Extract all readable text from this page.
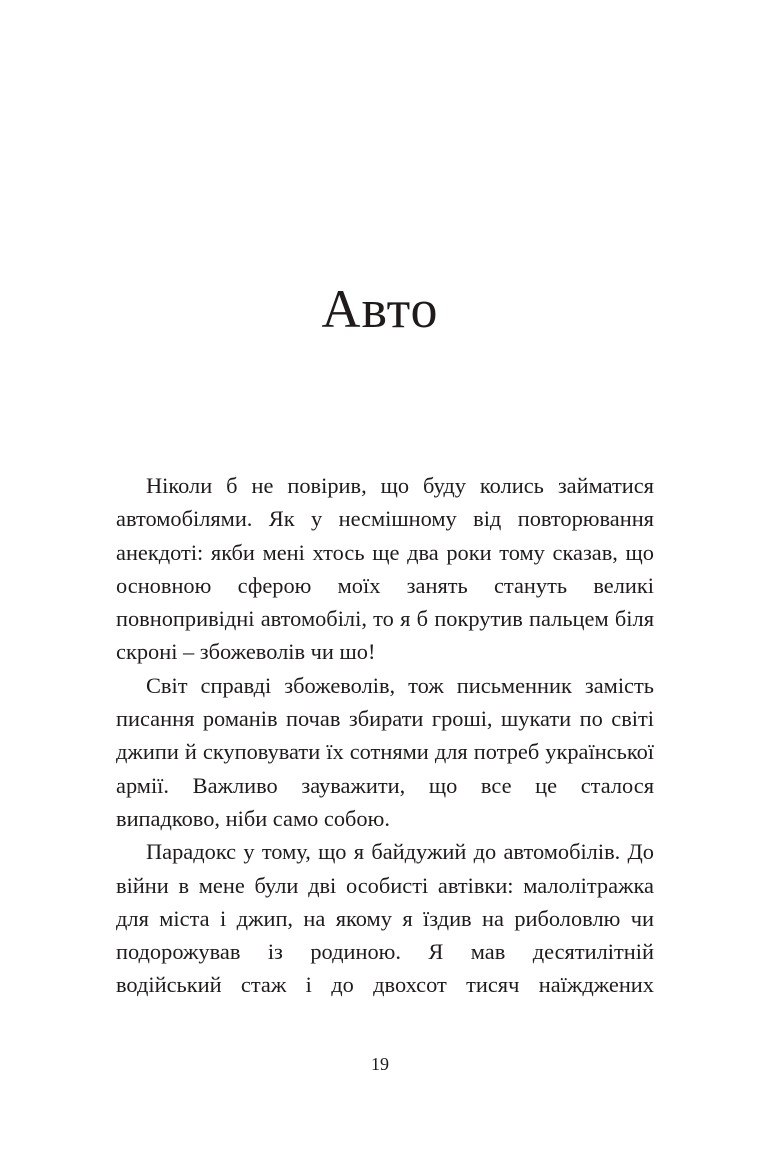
Авто

Ніколи б не повірив, що буду колись займатися автомобілями. Як у несмішному від повторювання анекдоті: якби мені хтось ще два роки тому сказав, що основною сферою моїх занять стануть великі повнопривідні автомобілі, то я б покрутив пальцем біля скроні – збожеволів чи шо!

Світ справді збожеволів, тож письменник замість писання романів почав збирати гроші, шукати по світі джипи й скуповувати їх сотнями для потреб української армії. Важливо зауважити, що все це сталося випадково, ніби само собою.

Парадокс у тому, що я байдужий до автомобілів. До війни в мене були дві особисті автівки: малолітражка для міста і джип, на якому я їздив на риболовлю чи подорожував із родиною. Я мав десятилітній водійський стаж і до двохсот тисяч наїжджених

19
